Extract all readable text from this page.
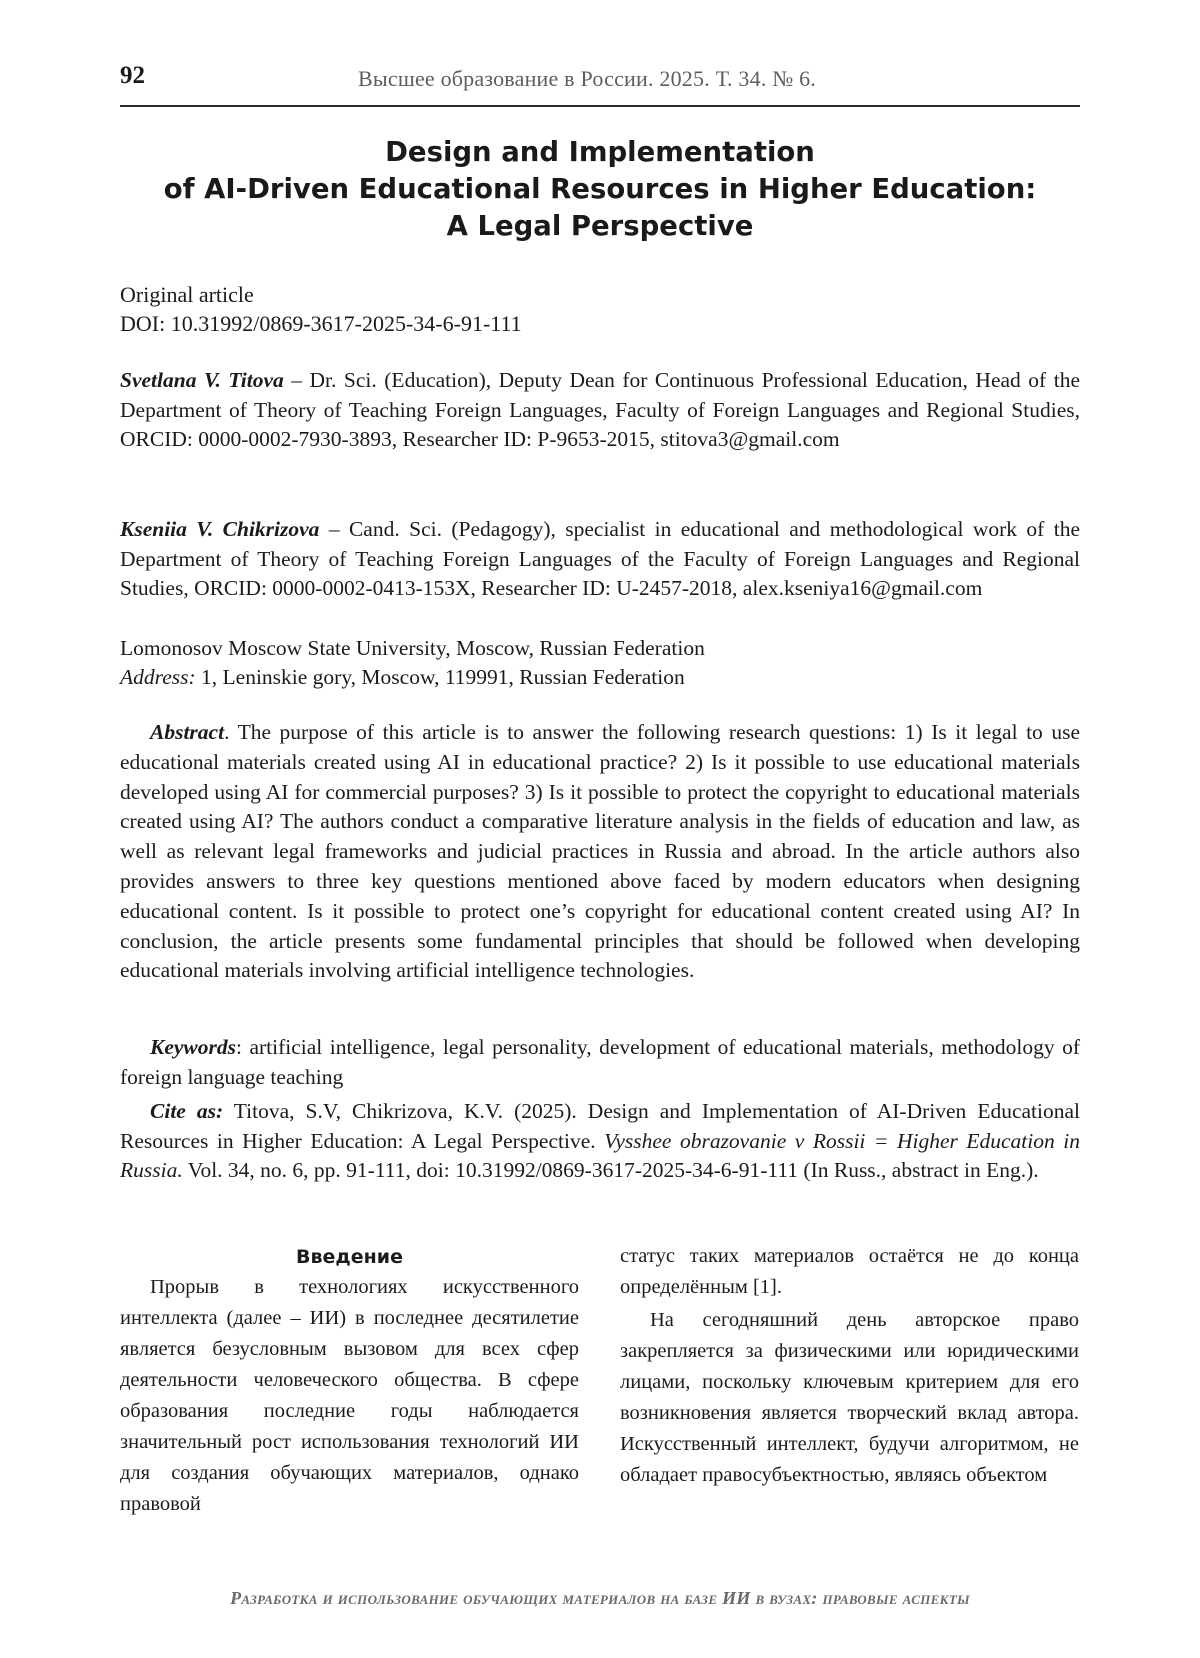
92	Высшее образование в России. 2025. Т. 34. № 6.
Design and Implementation
of AI-Driven Educational Resources in Higher Education:
A Legal Perspective
Original article
DOI: 10.31992/0869-3617-2025-34-6-91-111

Svetlana V. Titova – Dr. Sci. (Education), Deputy Dean for Continuous Professional Education, Head of the Department of Theory of Teaching Foreign Languages, Faculty of Foreign Languages and Regional Studies, ORCID: 0000-0002-7930-3893, Researcher ID: P-9653-2015, stitova3@gmail.com

Kseniia V. Chikrizova – Cand. Sci. (Pedagogy), specialist in educational and methodological work of the Department of Theory of Teaching Foreign Languages of the Faculty of Foreign Languages and Regional Studies, ORCID: 0000-0002-0413-153X, Researcher ID: U-2457-2018, alex.kseniya16@gmail.com

Lomonosov Moscow State University, Moscow, Russian Federation

Address: 1, Leninskie gory, Moscow, 119991, Russian Federation

Abstract. The purpose of this article is to answer the following research questions: 1) Is it legal to use educational materials created using AI in educational practice? 2) Is it possible to use educational materials developed using AI for commercial purposes? 3) Is it possible to protect the copyright to educational materials created using AI? The authors conduct a comparative literature analysis in the fields of education and law, as well as relevant legal frameworks and judicial practices in Russia and abroad. In the article authors also provides answers to three key questions mentioned above faced by modern educators when designing educational content. Is it possible to protect one’s copyright for educational content created using AI? In conclusion, the article presents some fundamental principles that should be followed when developing educational materials involving artificial intelligence technologies.

Keywords: artificial intelligence, legal personality, development of educational materials, methodology of foreign language teaching

Cite as: Titova, S.V, Chikrizova, K.V. (2025). Design and Implementation of AI-Driven Educational Resources in Higher Education: A Legal Perspective. Vysshee obrazovanie v Rossii = Higher Education in Russia. Vol. 34, no. 6, pp. 91-111, doi: 10.31992/0869-3617-2025-34-6-91-111 (In Russ., abstract in Eng.).

Введение

Прорыв в технологиях искусственного интеллекта (далее – ИИ) в последнее десятилетие является безусловным вызовом для всех сфер деятельности человеческого общества. В сфере образования последние годы наблюдается значительный рост использования технологий ИИ для создания обучающих материалов, однако правовой

статус таких материалов остаётся не до конца определённым [1].

На сегодняшний день авторское право закрепляется за физическими или юридическими лицами, поскольку ключевым критерием для его возникновения является творческий вклад автора. Искусственный интеллект, будучи алгоритмом, не обладает правосубъектностью, являясь объектом

Разработка и использование обучающих материалов на базе ИИ в вузах: правовые аспекты
